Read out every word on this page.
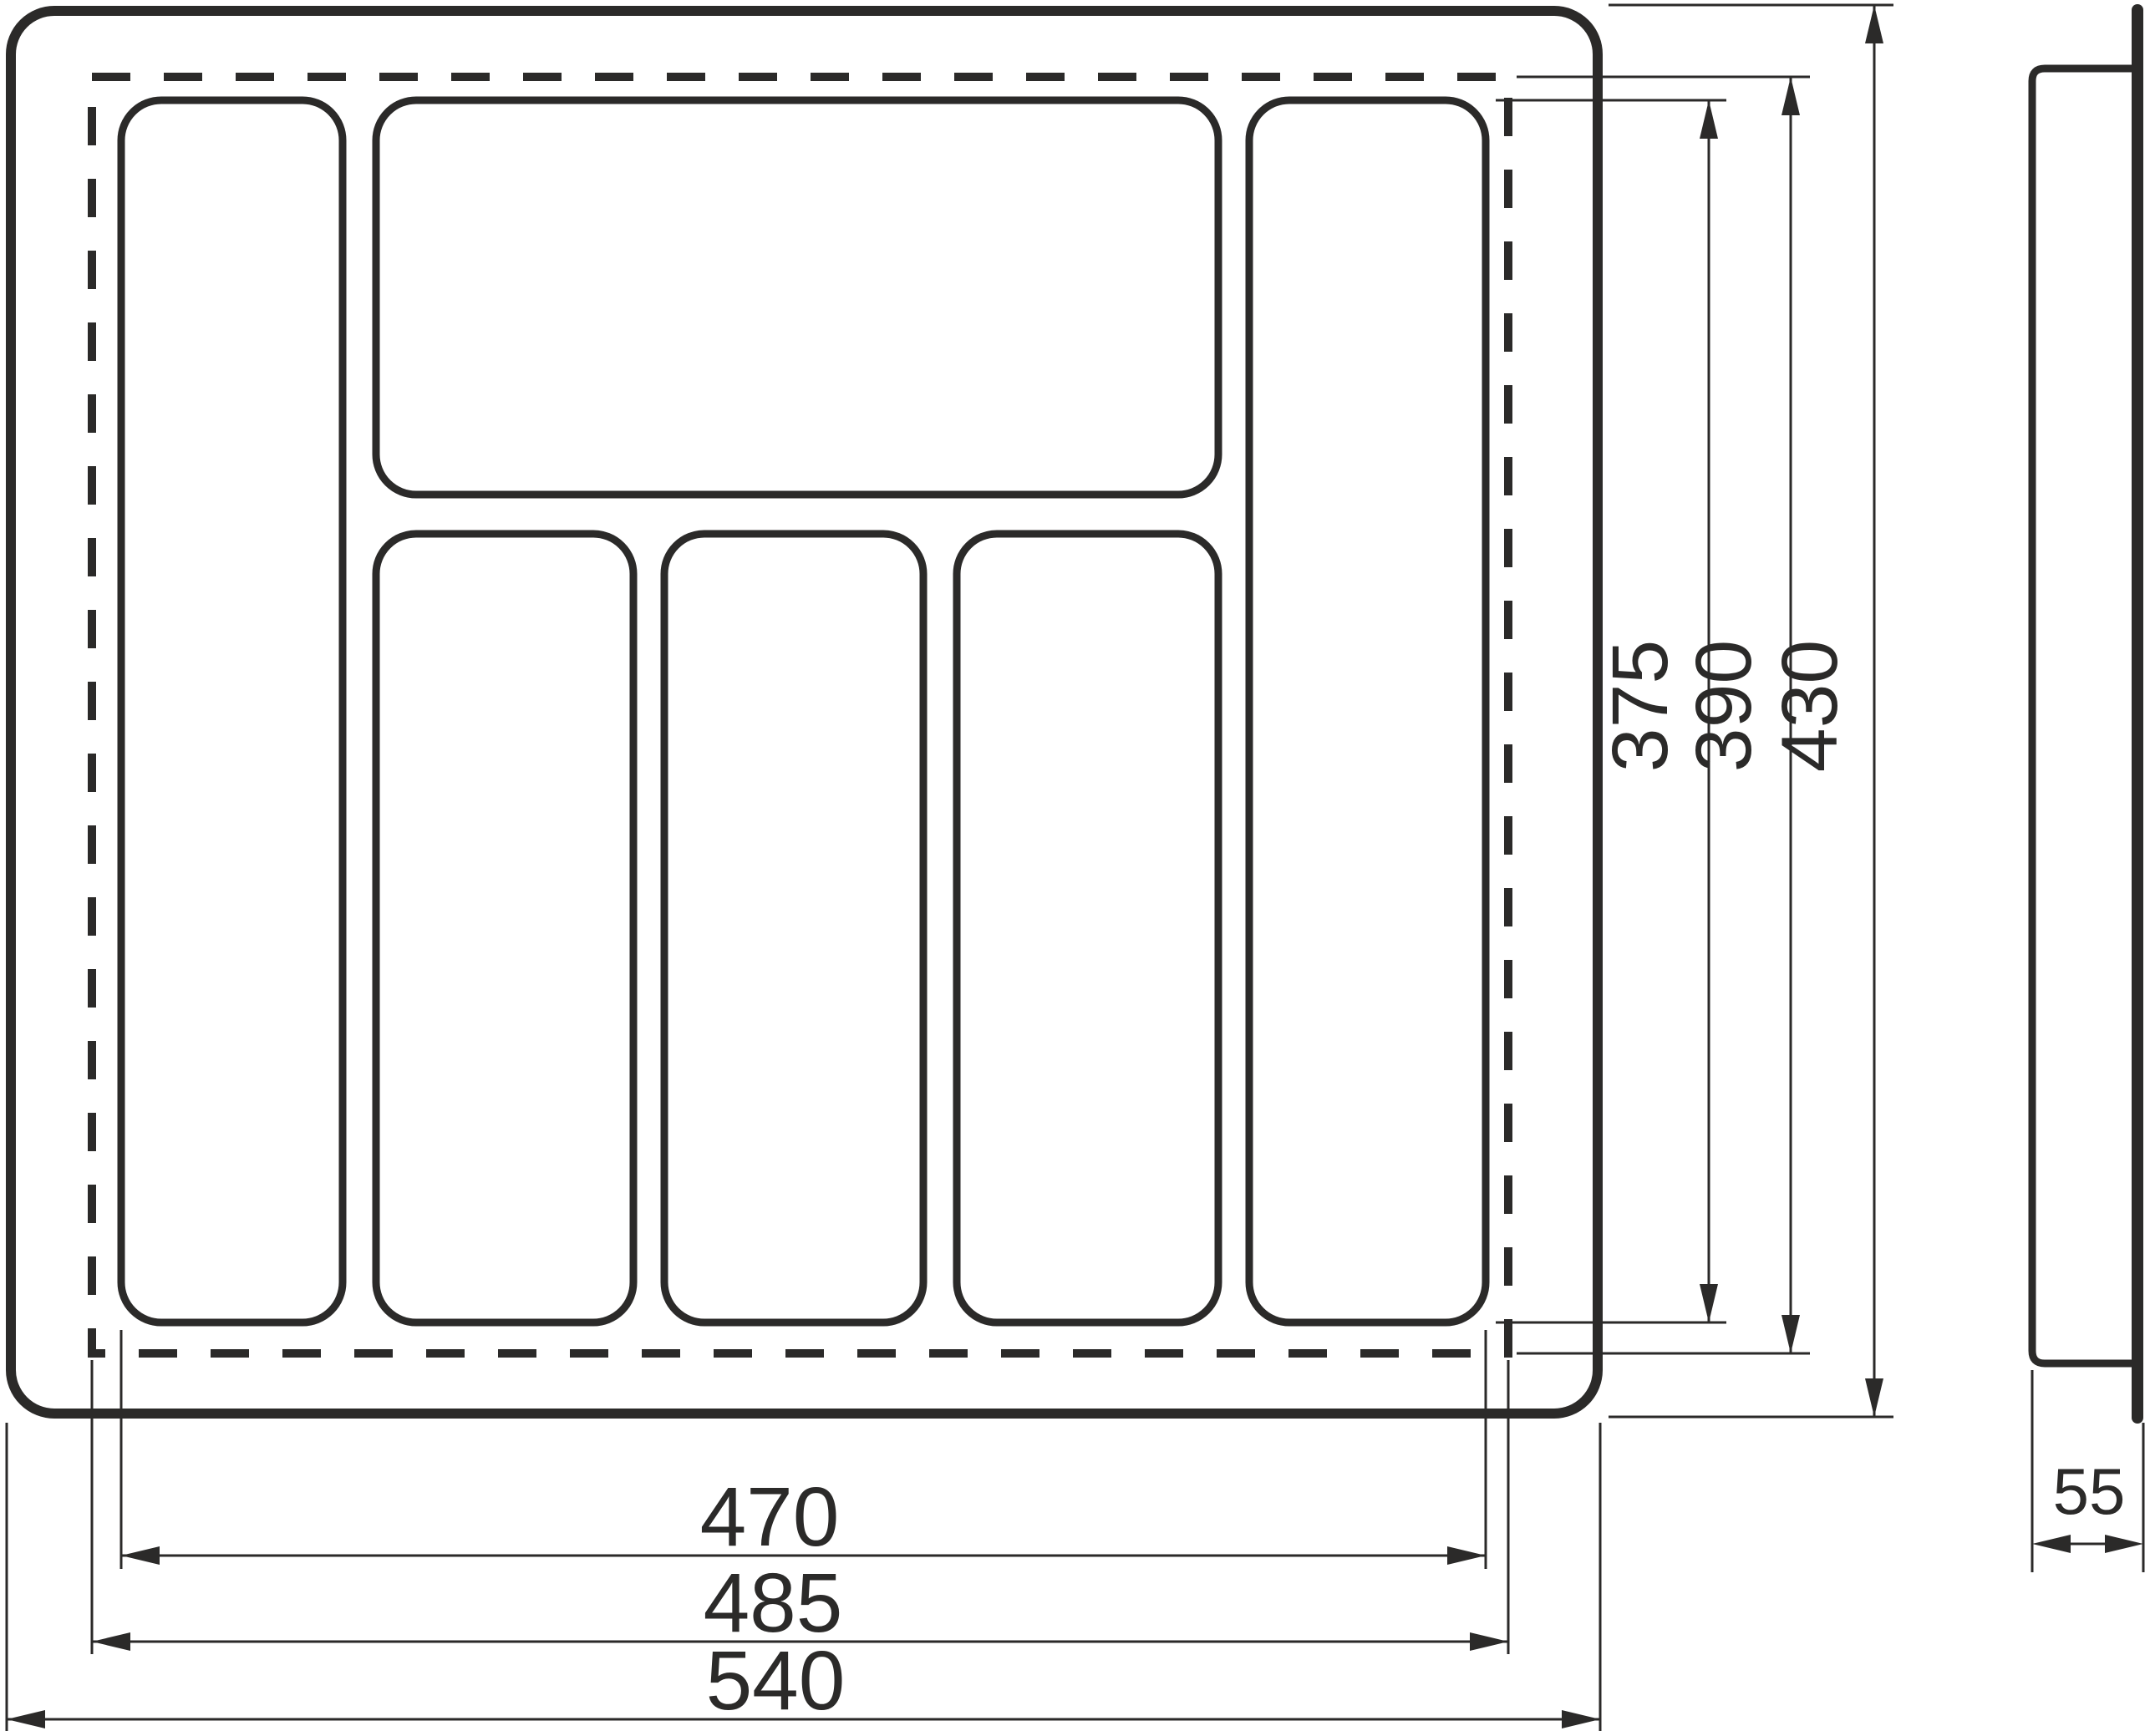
470
485
540
375
390
430
55
